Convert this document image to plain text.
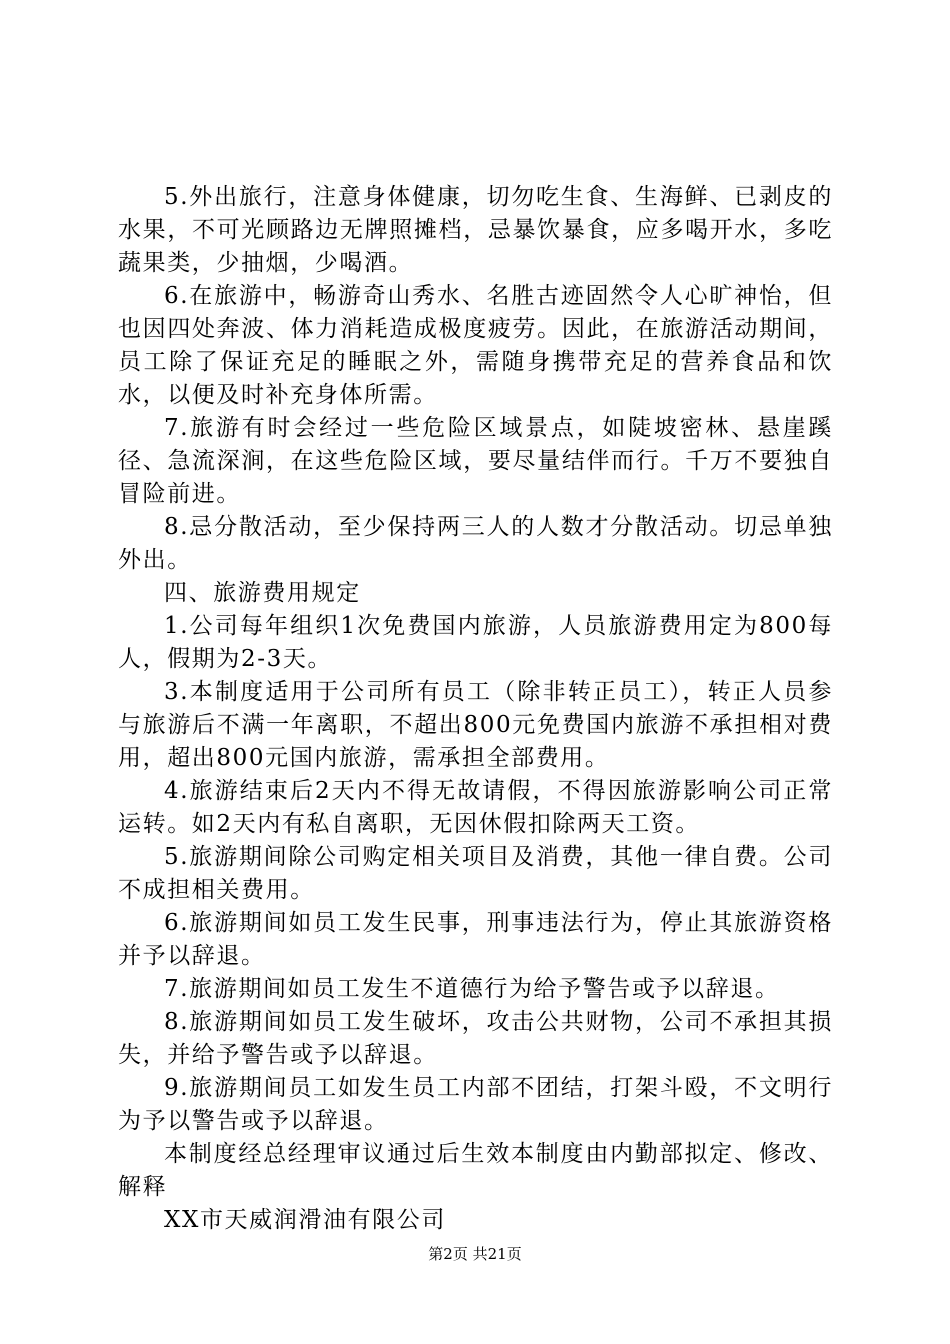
5.外出旅行，注意身体健康，切勿吃生食、生海鲜、已剥皮的水果，不可光顾路边无牌照摊档，忌暴饮暴食，应多喝开水，多吃蔬果类，少抽烟，少喝酒。

6.在旅游中，畅游奇山秀水、名胜古迹固然令人心旷神怡，但也因四处奔波、体力消耗造成极度疲劳。因此，在旅游活动期间，员工除了保证充足的睡眠之外，需随身携带充足的营养食品和饮水，以便及时补充身体所需。

7.旅游有时会经过一些危险区域景点，如陡坡密林、悬崖蹊径、急流深涧，在这些危险区域，要尽量结伴而行。千万不要独自冒险前进。

8.忌分散活动，至少保持两三人的人数才分散活动。切忌单独外出。

四、旅游费用规定

1.公司每年组织1次免费国内旅游，人员旅游费用定为800每人，假期为2-3天。

3.本制度适用于公司所有员工（除非转正员工），转正人员参与旅游后不满一年离职，不超出800元免费国内旅游不承担相对费用，超出800元国内旅游，需承担全部费用。

4.旅游结束后2天内不得无故请假，不得因旅游影响公司正常运转。如2天内有私自离职，无因休假扣除两天工资。

5.旅游期间除公司购定相关项目及消费，其他一律自费。公司不成担相关费用。

6.旅游期间如员工发生民事，刑事违法行为，停止其旅游资格并予以辞退。

7.旅游期间如员工发生不道德行为给予警告或予以辞退。

8.旅游期间如员工发生破坏，攻击公共财物，公司不承担其损失，并给予警告或予以辞退。

9.旅游期间员工如发生员工内部不团结，打架斗殴，不文明行为予以警告或予以辞退。

本制度经总经理审议通过后生效本制度由内勤部拟定、修改、解释

XX市天威润滑油有限公司

第2页 共21页
